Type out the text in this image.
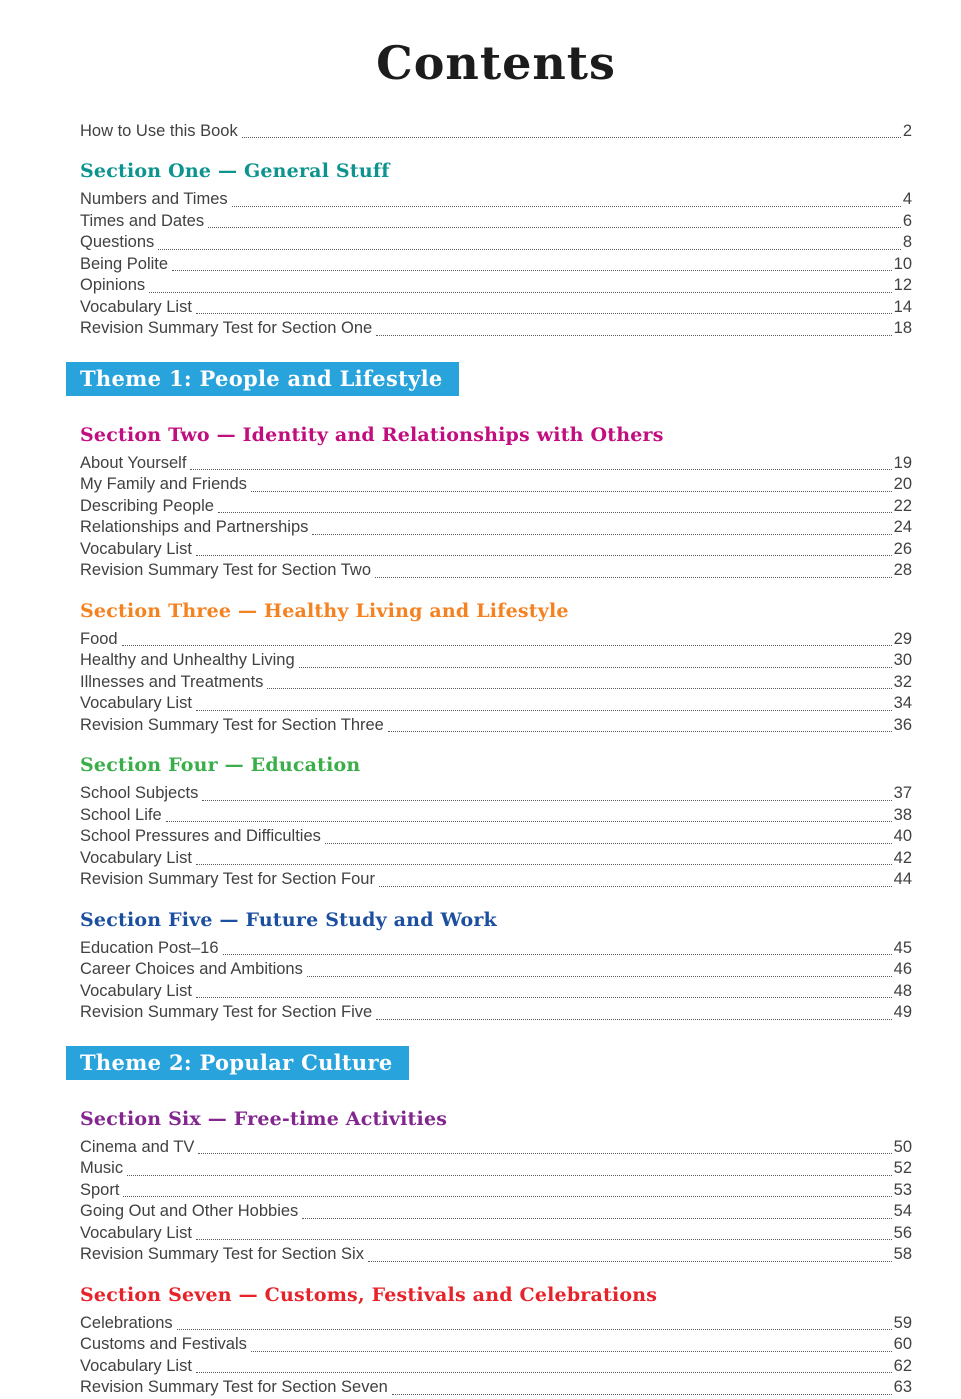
Contents
How to Use this Book	2
Section One — General Stuff
Numbers and Times	4
Times and Dates	6
Questions	8
Being Polite	10
Opinions	12
Vocabulary List	14
Revision Summary Test for Section One	18
Theme 1: People and Lifestyle
Section Two — Identity and Relationships with Others
About Yourself	19
My Family and Friends	20
Describing People	22
Relationships and Partnerships	24
Vocabulary List	26
Revision Summary Test for Section Two	28
Section Three — Healthy Living and Lifestyle
Food	29
Healthy and Unhealthy Living	30
Illnesses and Treatments	32
Vocabulary List	34
Revision Summary Test for Section Three	36
Section Four — Education
School Subjects	37
School Life	38
School Pressures and Difficulties	40
Vocabulary List	42
Revision Summary Test for Section Four	44
Section Five — Future Study and Work
Education Post–16	45
Career Choices and Ambitions	46
Vocabulary List	48
Revision Summary Test for Section Five	49
Theme 2: Popular Culture
Section Six — Free-time Activities
Cinema and TV	50
Music	52
Sport	53
Going Out and Other Hobbies	54
Vocabulary List	56
Revision Summary Test for Section Six	58
Section Seven — Customs, Festivals and Celebrations
Celebrations	59
Customs and Festivals	60
Vocabulary List	62
Revision Summary Test for Section Seven	63
